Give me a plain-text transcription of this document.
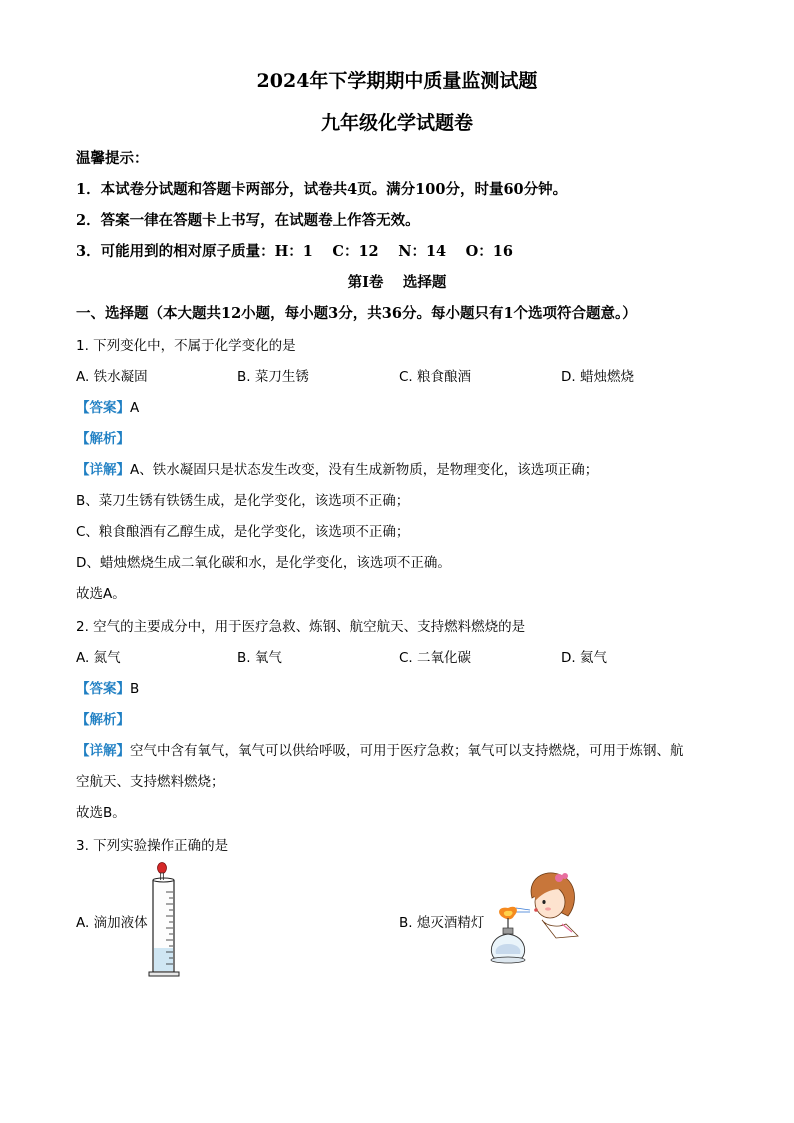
2024年下学期期中质量监测试题
九年级化学试题卷
温馨提示：
1．本试卷分试题和答题卡两部分，试卷共4页。满分100分，时量60分钟。
2．答案一律在答题卡上书写，在试题卷上作答无效。
3．可能用到的相对原子质量：H：1　 C：12　 N：14　 O：16
第Ⅰ卷　 选择题
一、选择题（本大题共12小题，每小题3分，共36分。每小题只有1个选项符合题意。）
1. 下列变化中，不属于化学变化的是
A. 铁水凝固	B. 菜刀生锈	C. 粮食酿酒	D. 蜡烛燃烧
【答案】A
【解析】
【详解】A、铁水凝固只是状态发生改变，没有生成新物质，是物理变化，该选项正确；
B、菜刀生锈有铁锈生成，是化学变化，该选项不正确；
C、粮食酿酒有乙醇生成，是化学变化，该选项不正确；
D、蜡烛燃烧生成二氧化碳和水，是化学变化，该选项不正确。
故选A。
2. 空气的主要成分中，用于医疗急救、炼钢、航空航天、支持燃料燃烧的是
A. 氮气	B. 氧气	C. 二氧化碳	D. 氦气
【答案】B
【解析】
【详解】空气中含有氧气，氧气可以供给呼吸，可用于医疗急救；氧气可以支持燃烧，可用于炼钢、航
空航天、支持燃料燃烧；
故选B。
3. 下列实验操作正确的是
A. 滴加液体	B. 熄灭酒精灯
